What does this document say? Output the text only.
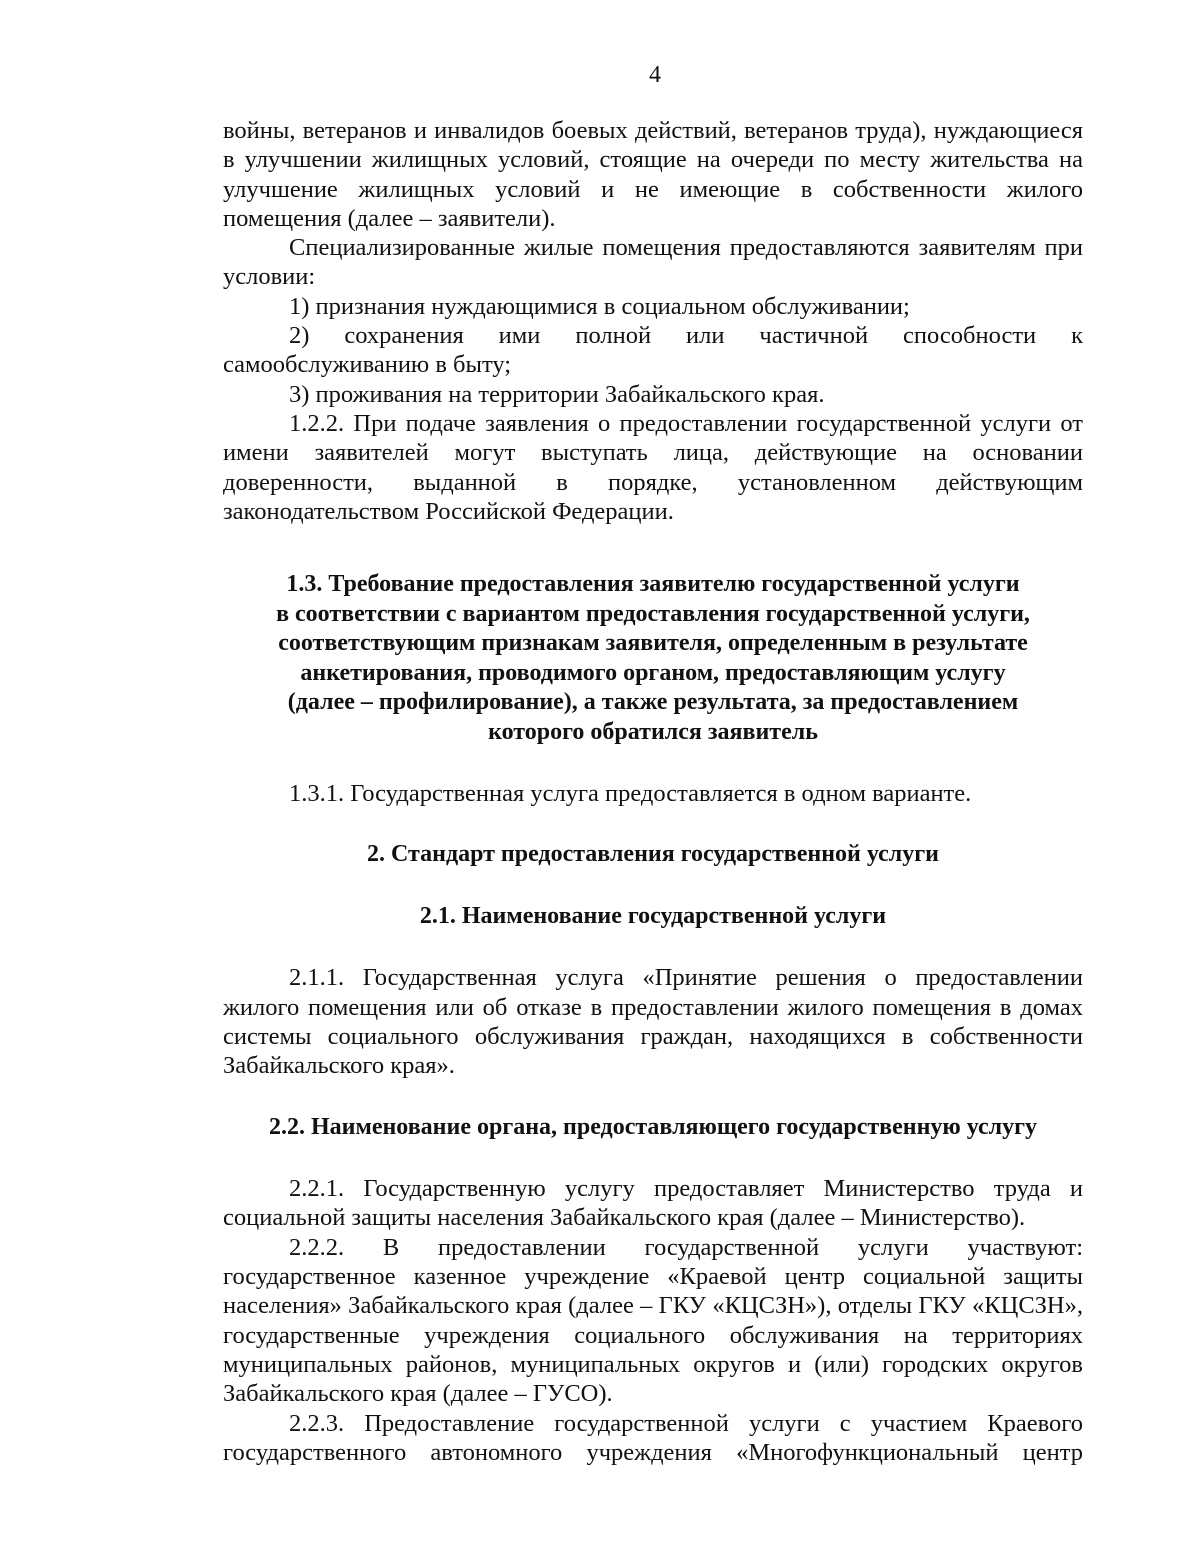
4

войны, ветеранов и инвалидов боевых действий, ветеранов труда), нуждающиеся в улучшении жилищных условий, стоящие на очереди по месту жительства на улучшение жилищных условий и не имеющие в собственности жилого помещения (далее – заявители).

Специализированные жилые помещения предоставляются заявителям при условии:

1) признания нуждающимися в социальном обслуживании;

2) сохранения ими полной или частичной способности к

самообслуживанию в быту;

3) проживания на территории Забайкальского края.

1.2.2. При подаче заявления о предоставлении государственной услуги от имени заявителей могут выступать лица, действующие на основании доверенности, выданной в порядке, установленном действующим законодательством Российской Федерации.

1.3. Требование предоставления заявителю государственной услуги

в соответствии с вариантом предоставления государственной услуги,

соответствующим признакам заявителя, определенным в результате

анкетирования, проводимого органом, предоставляющим услугу

(далее – профилирование), а также результата, за предоставлением

которого обратился заявитель

1.3.1. Государственная услуга предоставляется в одном варианте.

2. Стандарт предоставления государственной услуги

2.1. Наименование государственной услуги

2.1.1. Государственная услуга «Принятие решения о предоставлении жилого помещения или об отказе в предоставлении жилого помещения в домах системы социального обслуживания граждан, находящихся в собственности Забайкальского края».

2.2. Наименование органа, предоставляющего государственную услугу

2.2.1. Государственную услугу предоставляет Министерство труда и социальной защиты населения Забайкальского края (далее – Министерство).

2.2.2. В предоставлении государственной услуги участвуют: государственное казенное учреждение «Краевой центр социальной защиты населения» Забайкальского края (далее – ГКУ «КЦСЗН»), отделы ГКУ «КЦСЗН», государственные учреждения социального обслуживания на территориях муниципальных районов, муниципальных округов и (или) городских округов Забайкальского края (далее – ГУСО).

2.2.3. Предоставление государственной услуги с участием Краевого государственного автономного учреждения «Многофункциональный центр
